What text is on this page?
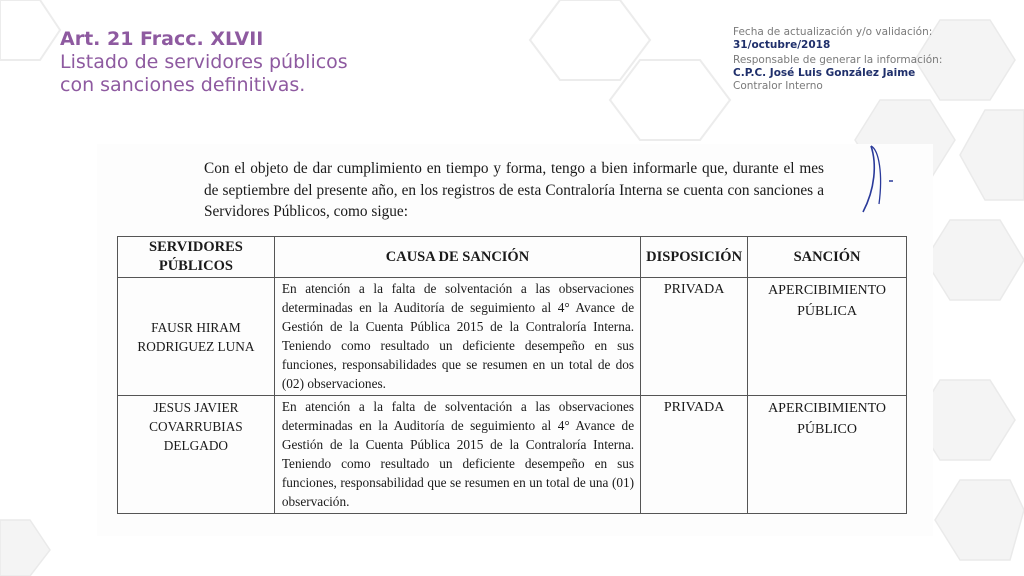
Art. 21 Fracc. XLVII
Listado de servidores públicos
con sanciones definitivas.
Fecha de actualización y/o validación:
31/octubre/2018
Responsable de generar la información:
C.P.C. José Luis González Jaime
Contralor Interno
Con el objeto de dar cumplimiento en tiempo y forma, tengo a bien informarle que, durante el mes de septiembre del presente año, en los registros de esta Contraloría Interna se cuenta con sanciones a Servidores Públicos, como sigue:
SERVIDORES PÚBLICOS	CAUSA DE SANCIÓN	DISPOSICIÓN	SANCIÓN
FAUSR HIRAM RODRIGUEZ LUNA	En atención a la falta de solventación a las observaciones determinadas en la Auditoría de seguimiento al 4° Avance de Gestión de la Cuenta Pública 2015 de la Contraloría Interna. Teniendo como resultado un deficiente desempeño en sus funciones, responsabilidades que se resumen en un total de dos (02) observaciones.	PRIVADA	APERCIBIMIENTO PÚBLICA
JESUS JAVIER COVARRUBIAS DELGADO	En atención a la falta de solventación a las observaciones determinadas en la Auditoría de seguimiento al 4° Avance de Gestión de la Cuenta Pública 2015 de la Contraloría Interna. Teniendo como resultado un deficiente desempeño en sus funciones, responsabilidad que se resumen en un total de una (01) observación.	PRIVADA	APERCIBIMIENTO PÚBLICO
